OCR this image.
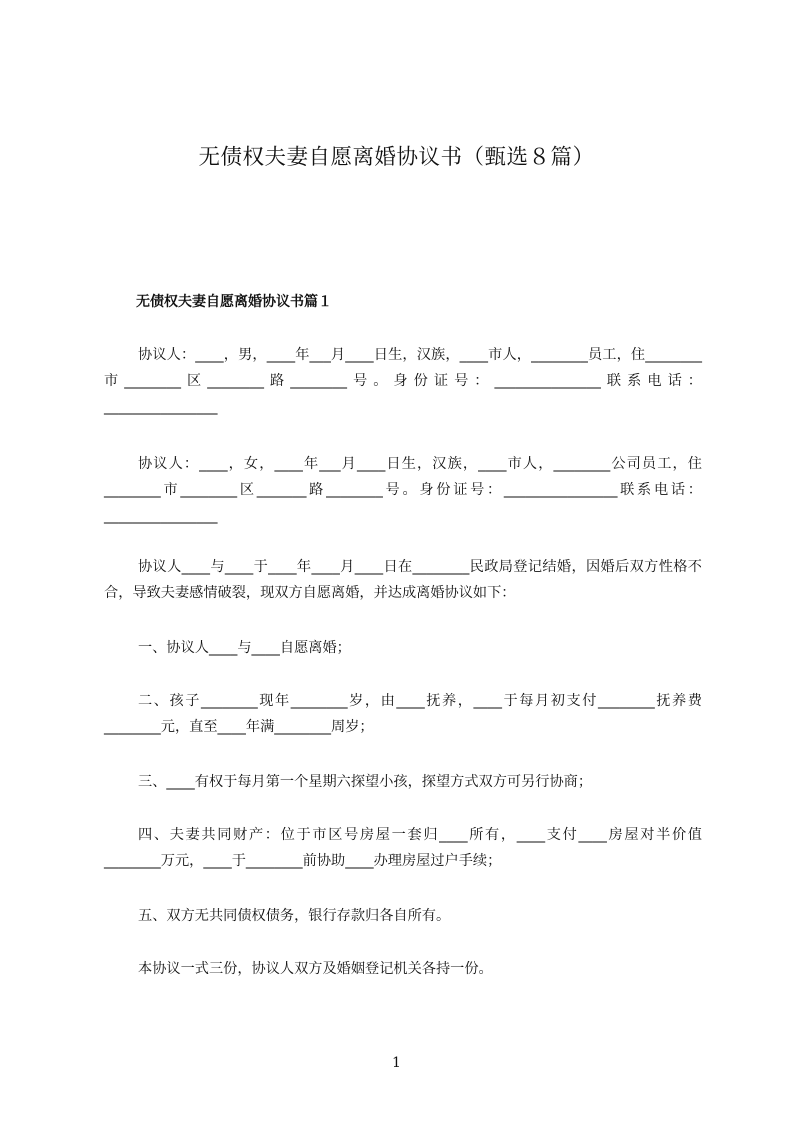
无债权夫妻自愿离婚协议书（甄选８篇）
无债权夫妻自愿离婚协议书篇１
协议人：____，男，____年___月____日生，汉族，____市人，________员工，住________市________区________路________号。身份证号：_______________联系电话：________________
协议人：____，女，____年___月____日生，汉族，____市人，________公司员工，住________市________区_______路________号。身份证号：________________联系电话：________________
协议人____与____于____年____月____日在________民政局登记结婚，因婚后双方性格不合，导致夫妻感情破裂，现双方自愿离婚，并达成离婚协议如下：
一、协议人____与____自愿离婚；
二、孩子________现年________岁，由____抚养，____于每月初支付________抚养费________元，直至____年满________周岁；
三、____有权于每月第一个星期六探望小孩，探望方式双方可另行协商；
四、夫妻共同财产：位于市区号房屋一套归____所有，____支付____房屋对半价值________万元，____于________前协助____办理房屋过户手续；
五、双方无共同债权债务，银行存款归各自所有。
本协议一式三份，协议人双方及婚姻登记机关各持一份。
1
